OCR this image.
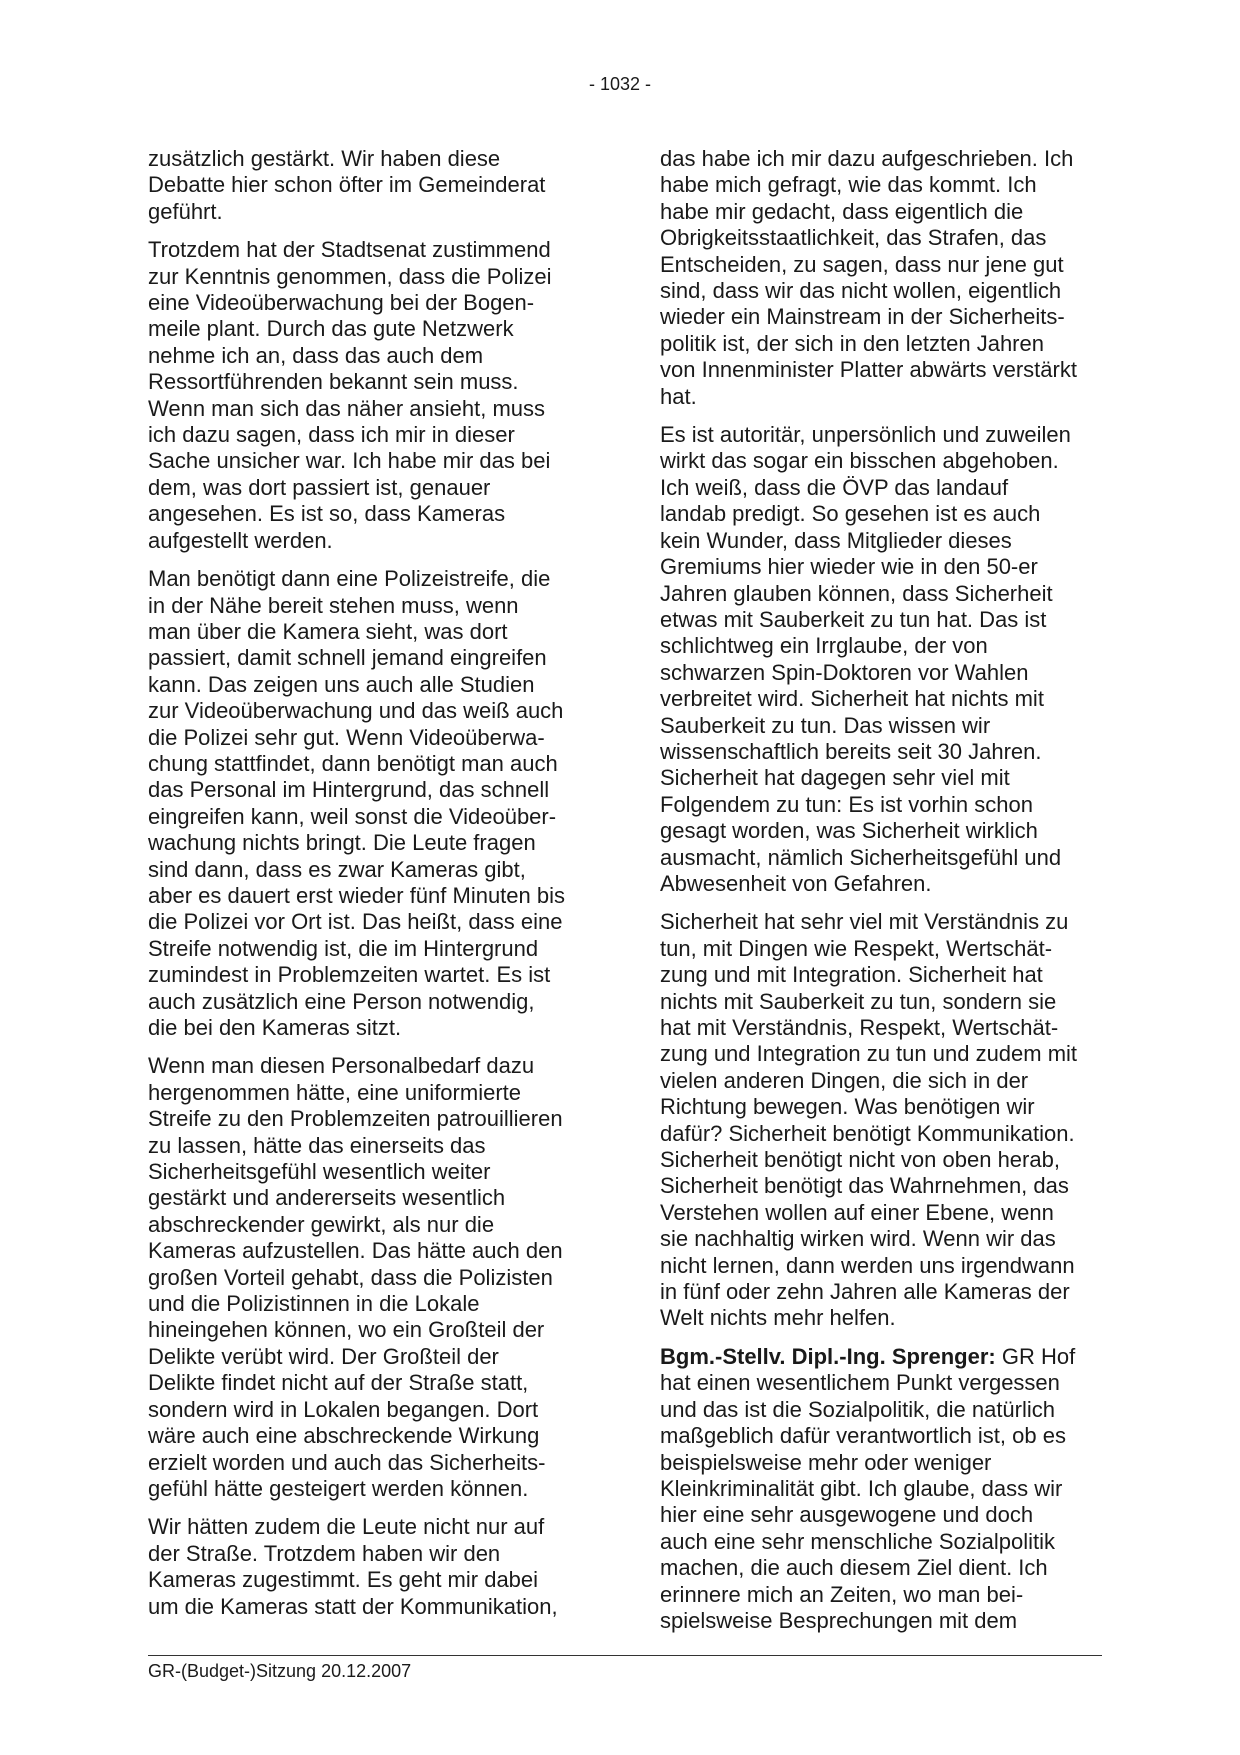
- 1032 -

zusätzlich gestärkt. Wir haben diese
Debatte hier schon öfter im Gemeinderat
geführt.

Trotzdem hat der Stadtsenat zustimmend
zur Kenntnis genommen, dass die Polizei
eine Videoüberwachung bei der Bogen-
meile plant. Durch das gute Netzwerk
nehme ich an, dass das auch dem
Ressortführenden bekannt sein muss.
Wenn man sich das näher ansieht, muss
ich dazu sagen, dass ich mir in dieser
Sache unsicher war. Ich habe mir das bei
dem, was dort passiert ist, genauer
angesehen. Es ist so, dass Kameras
aufgestellt werden.

Man benötigt dann eine Polizeistreife, die
in der Nähe bereit stehen muss, wenn
man über die Kamera sieht, was dort
passiert, damit schnell jemand eingreifen
kann. Das zeigen uns auch alle Studien
zur Videoüberwachung und das weiß auch
die Polizei sehr gut. Wenn Videoüberwa-
chung stattfindet, dann benötigt man auch
das Personal im Hintergrund, das schnell
eingreifen kann, weil sonst die Videoüber-
wachung nichts bringt. Die Leute fragen
sind dann, dass es zwar Kameras gibt,
aber es dauert erst wieder fünf Minuten bis
die Polizei vor Ort ist. Das heißt, dass eine
Streife notwendig ist, die im Hintergrund
zumindest in Problemzeiten wartet. Es ist
auch zusätzlich eine Person notwendig,
die bei den Kameras sitzt.

Wenn man diesen Personalbedarf dazu
hergenommen hätte, eine uniformierte
Streife zu den Problemzeiten patrouillieren
zu lassen, hätte das einerseits das
Sicherheitsgefühl wesentlich weiter
gestärkt und andererseits wesentlich
abschreckender gewirkt, als nur die
Kameras aufzustellen. Das hätte auch den
großen Vorteil gehabt, dass die Polizisten
und die Polizistinnen in die Lokale
hineingehen können, wo ein Großteil der
Delikte verübt wird. Der Großteil der
Delikte findet nicht auf der Straße statt,
sondern wird in Lokalen begangen. Dort
wäre auch eine abschreckende Wirkung
erzielt worden und auch das Sicherheits-
gefühl hätte gesteigert werden können.

Wir hätten zudem die Leute nicht nur auf
der Straße. Trotzdem haben wir den
Kameras zugestimmt. Es geht mir dabei
um die Kameras statt der Kommunikation,

das habe ich mir dazu aufgeschrieben. Ich
habe mich gefragt, wie das kommt. Ich
habe mir gedacht, dass eigentlich die
Obrigkeitsstaatlichkeit, das Strafen, das
Entscheiden, zu sagen, dass nur jene gut
sind, dass wir das nicht wollen, eigentlich
wieder ein Mainstream in der Sicherheits-
politik ist, der sich in den letzten Jahren
von Innenminister Platter abwärts verstärkt
hat.

Es ist autoritär, unpersönlich und zuweilen
wirkt das sogar ein bisschen abgehoben.
Ich weiß, dass die ÖVP das landauf
landab predigt. So gesehen ist es auch
kein Wunder, dass Mitglieder dieses
Gremiums hier wieder wie in den 50-er
Jahren glauben können, dass Sicherheit
etwas mit Sauberkeit zu tun hat. Das ist
schlichtweg ein Irrglaube, der von
schwarzen Spin-Doktoren vor Wahlen
verbreitet wird. Sicherheit hat nichts mit
Sauberkeit zu tun. Das wissen wir
wissenschaftlich bereits seit 30 Jahren.
Sicherheit hat dagegen sehr viel mit
Folgendem zu tun: Es ist vorhin schon
gesagt worden, was Sicherheit wirklich
ausmacht, nämlich Sicherheitsgefühl und
Abwesenheit von Gefahren.

Sicherheit hat sehr viel mit Verständnis zu
tun, mit Dingen wie Respekt, Wertschät-
zung und mit Integration. Sicherheit hat
nichts mit Sauberkeit zu tun, sondern sie
hat mit Verständnis, Respekt, Wertschät-
zung und Integration zu tun und zudem mit
vielen anderen Dingen, die sich in der
Richtung bewegen. Was benötigen wir
dafür? Sicherheit benötigt Kommunikation.
Sicherheit benötigt nicht von oben herab,
Sicherheit benötigt das Wahrnehmen, das
Verstehen wollen auf einer Ebene, wenn
sie nachhaltig wirken wird. Wenn wir das
nicht lernen, dann werden uns irgendwann
in fünf oder zehn Jahren alle Kameras der
Welt nichts mehr helfen.

Bgm.-Stellv. Dipl.-Ing. Sprenger: GR Hof
hat einen wesentlichem Punkt vergessen
und das ist die Sozialpolitik, die natürlich
maßgeblich dafür verantwortlich ist, ob es
beispielsweise mehr oder weniger
Kleinkriminalität gibt. Ich glaube, dass wir
hier eine sehr ausgewogene und doch
auch eine sehr menschliche Sozialpolitik
machen, die auch diesem Ziel dient. Ich
erinnere mich an Zeiten, wo man bei-
spielsweise Besprechungen mit dem

GR-(Budget-)Sitzung 20.12.2007
